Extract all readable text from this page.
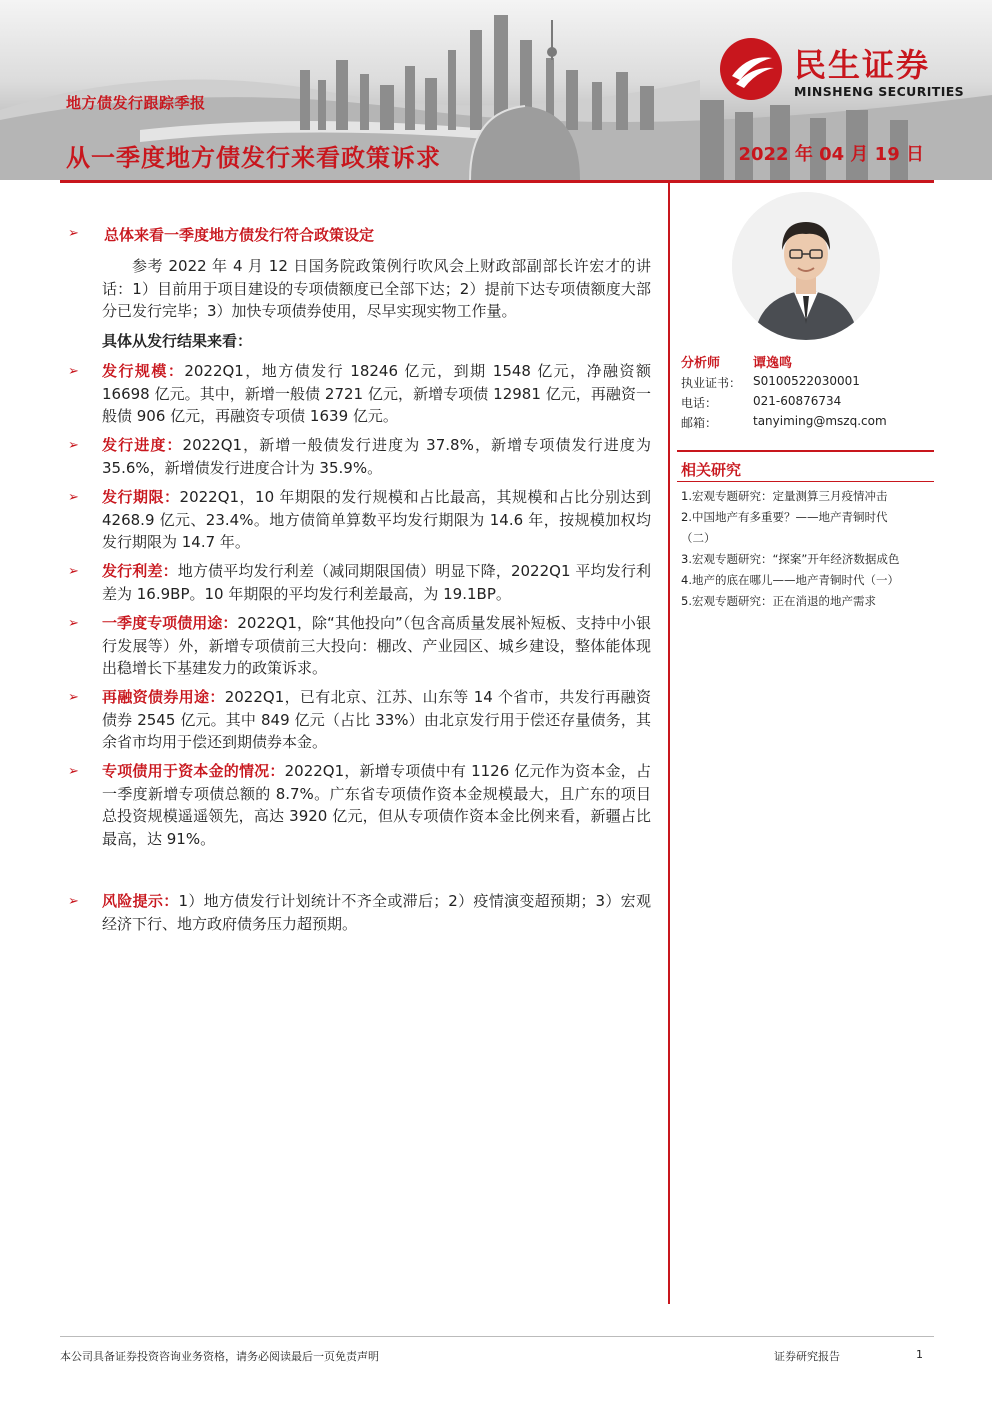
地方债发行跟踪季报
从一季度地方债发行来看政策诉求	2022 年 04 月 19 日
民生证券
MINSHENG SECURITIES
➢ 总体来看一季度地方债发行符合政策设定
参考 2022 年 4 月 12 日国务院政策例行吹风会上财政部副部长许宏才的讲话：1）目前用于项目建设的专项债额度已全部下达；2）提前下达专项债额度大部分已发行完毕；3）加快专项债券使用，尽早实现实物工作量。
具体从发行结果来看：
➢ 发行规模：2022Q1，地方债发行 18246 亿元，到期 1548 亿元，净融资额 16698 亿元。其中，新增一般债 2721 亿元，新增专项债 12981 亿元，再融资一般债 906 亿元，再融资专项债 1639 亿元。
➢ 发行进度：2022Q1，新增一般债发行进度为 37.8%，新增专项债发行进度为 35.6%，新增债发行进度合计为 35.9%。
➢ 发行期限：2022Q1，10 年期限的发行规模和占比最高，其规模和占比分别达到4268.9 亿元、23.4%。地方债简单算数平均发行期限为 14.6 年，按规模加权均发行期限为 14.7 年。
➢ 发行利差：地方债平均发行利差（减同期限国债）明显下降，2022Q1 平均发行利差为 16.9BP。10 年期限的平均发行利差最高，为 19.1BP。
➢ 一季度专项债用途：2022Q1，除“其他投向”（包含高质量发展补短板、支持中小银行发展等）外，新增专项债前三大投向：棚改、产业园区、城乡建设，整体能体现出稳增长下基建发力的政策诉求。
➢ 再融资债券用途：2022Q1，已有北京、江苏、山东等 14 个省市，共发行再融资债券 2545 亿元。其中 849 亿元（占比 33%）由北京发行用于偿还存量债务，其余省市均用于偿还到期债券本金。
➢ 专项债用于资本金的情况：2022Q1，新增专项债中有 1126 亿元作为资本金，占一季度新增专项债总额的 8.7%。广东省专项债作资本金规模最大，且广东的项目总投资规模遥遥领先，高达 3920 亿元，但从专项债作资本金比例来看，新疆占比最高，达 91%。
➢ 风险提示：1）地方债发行计划统计不齐全或滞后；2）疫情演变超预期；3）宏观经济下行、地方政府债务压力超预期。
分析师	谭逸鸣
执业证书： S0100522030001
电话：	021-60876734
邮箱：	tanyiming@mszq.com
相关研究
1.宏观专题研究：定量测算三月疫情冲击
2.中国地产有多重要？——地产青铜时代
（二）
3.宏观专题研究：“探案”开年经济数据成色
4.地产的底在哪儿——地产青铜时代（一）
5.宏观专题研究：正在消退的地产需求
本公司具备证券投资咨询业务资格，请务必阅读最后一页免责声明	证券研究报告	1
